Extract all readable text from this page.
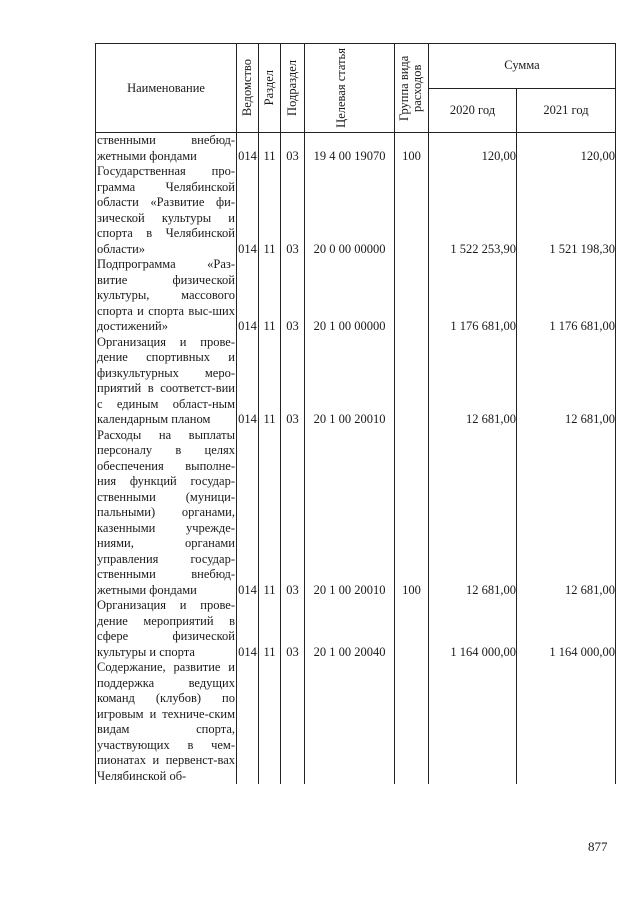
Наименование	Ведомство	Раздел	Подраздел	Целевая статья	Группа вида расходов	Сумма	
						2020 год	2021 год
ственными внебюд-жетными фондами	014	11	03	19 4 00 19070	100	120,00	120,00
Государственная про-грамма Челябинской области «Развитие фи-зической культуры и спорта в Челябинской области»	014	11	03	20 0 00 00000		1 522 253,90	1 521 198,30
Подпрограмма «Раз-витие физической культуры, массового спорта и спорта выс-ших достижений»	014	11	03	20 1 00 00000		1 176 681,00	1 176 681,00
Организация и прове-дение спортивных и физкультурных меро-приятий в соответст-вии с единым област-ным календарным планом	014	11	03	20 1 00 20010		12 681,00	12 681,00
Расходы на выплаты персоналу в целях обеспечения выполне-ния функций государ-ственными (муници-пальными) органами, казенными учрежде-ниями, органами управления государ-ственными внебюд-жетными фондами	014	11	03	20 1 00 20010	100	12 681,00	12 681,00
Организация и прове-дение мероприятий в сфере физической культуры и спорта	014	11	03	20 1 00 20040		1 164 000,00	1 164 000,00
Содержание, развитие и поддержка ведущих команд (клубов) по игровым и техниче-ским видам спорта, участвующих в чем-пионатах и первенст-вах Челябинской об-							
877
